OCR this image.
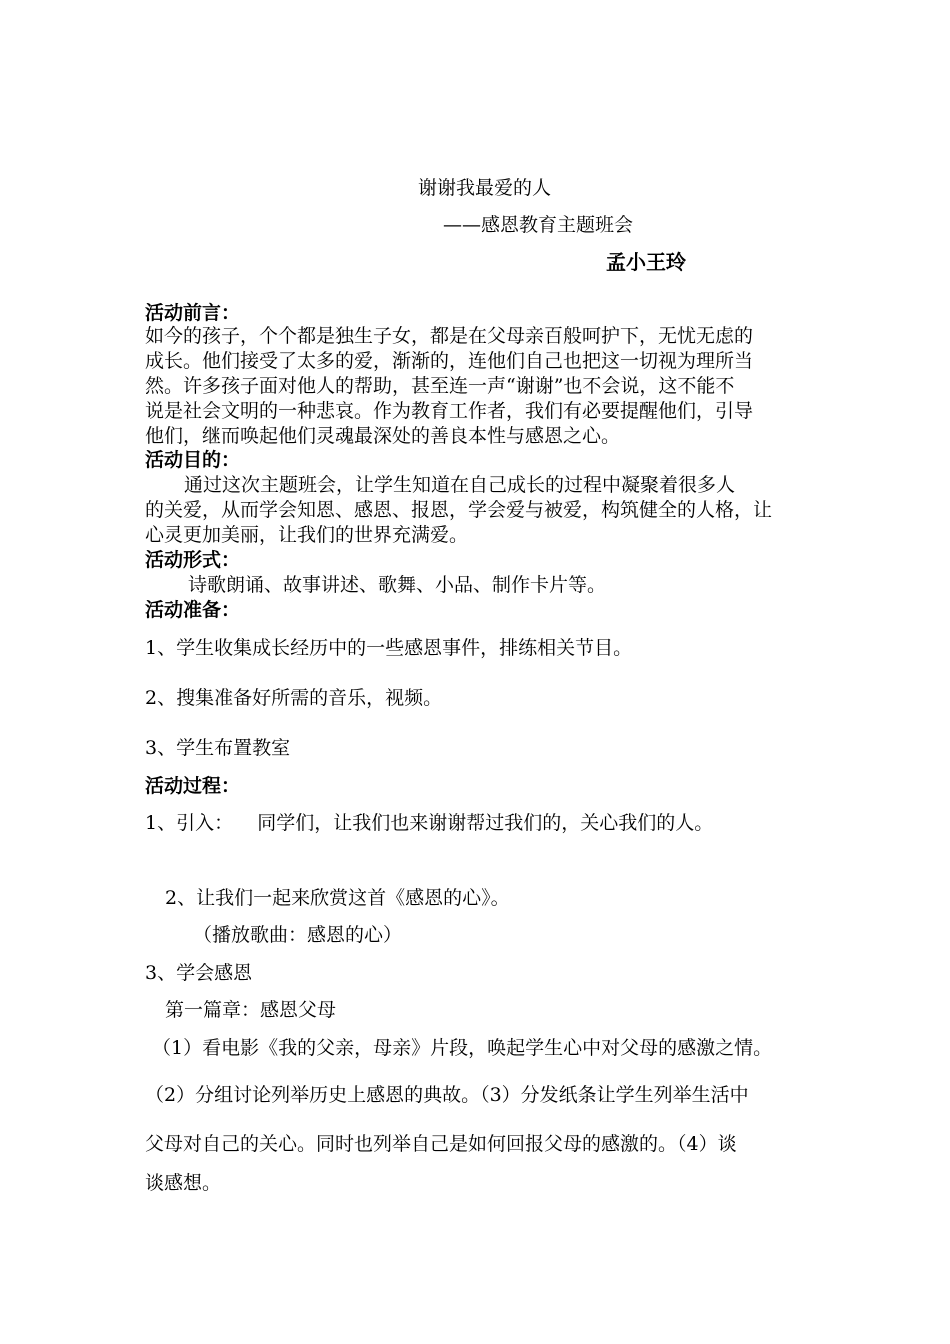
谢谢我最爱的人
——感恩教育主题班会
孟小王玲
活动前言：
如今的孩子，个个都是独生子女，都是在父母亲百般呵护下，无忧无虑的
成长。他们接受了太多的爱，渐渐的，连他们自己也把这一切视为理所当
然。许多孩子面对他人的帮助，甚至连一声“谢谢”也不会说，这不能不
说是社会文明的一种悲哀。作为教育工作者，我们有必要提醒他们，引导
他们，继而唤起他们灵魂最深处的善良本性与感恩之心。
活动目的：
通过这次主题班会，让学生知道在自己成长的过程中凝聚着很多人
的关爱，从而学会知恩、感恩、报恩，学会爱与被爱，构筑健全的人格，让
心灵更加美丽，让我们的世界充满爱。
活动形式：
诗歌朗诵、故事讲述、歌舞、小品、制作卡片等。
活动准备：
1、学生收集成长经历中的一些感恩事件，排练相关节目。
2、搜集准备好所需的音乐，视频。
3、学生布置教室
活动过程：
1、引入：    同学们，让我们也来谢谢帮过我们的，关心我们的人。
2、让我们一起来欣赏这首《感恩的心》。
（播放歌曲：感恩的心）
3、学会感恩
第一篇章：感恩父母
（1）看电影《我的父亲，母亲》片段，唤起学生心中对父母的感激之情。
（2）分组讨论列举历史上感恩的典故。（3）分发纸条让学生列举生活中
父母对自己的关心。同时也列举自己是如何回报父母的感激的。（4）谈
谈感想。
